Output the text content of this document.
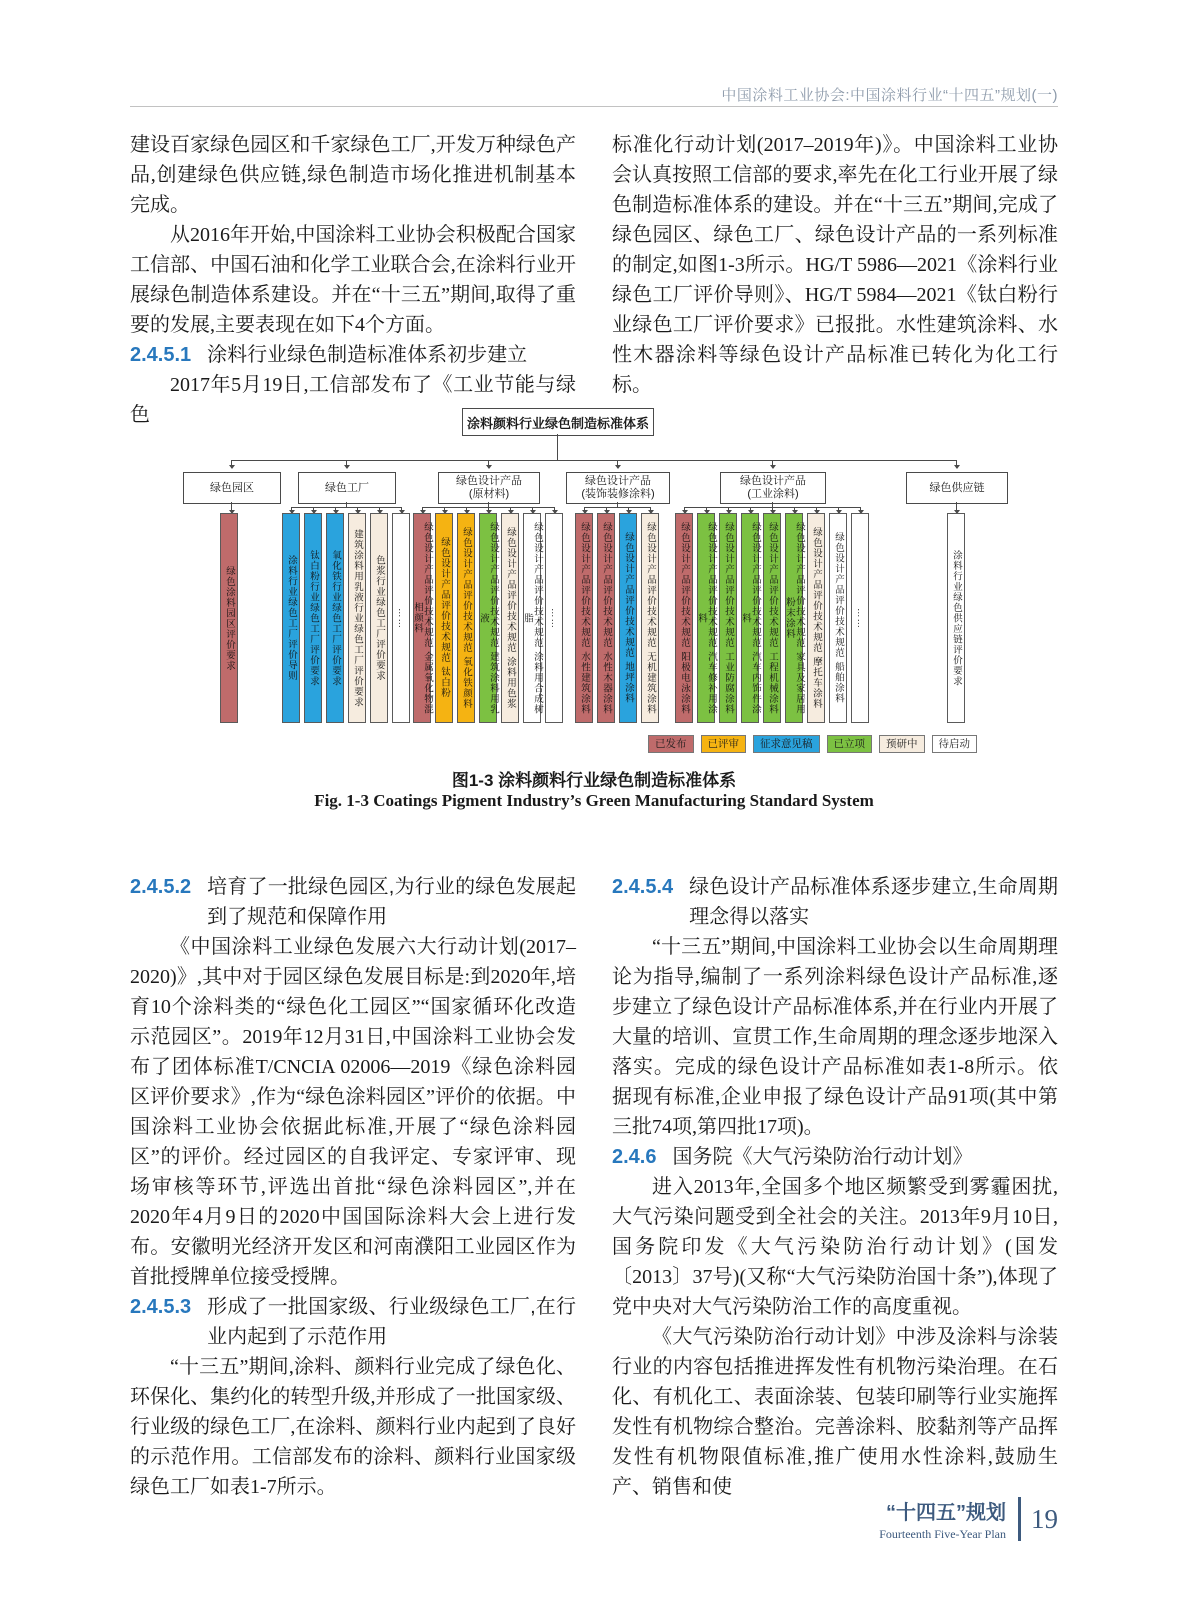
中国涂料工业协会:中国涂料行业“十四五”规划(一)
建设百家绿色园区和千家绿色工厂,开发万种绿色产品,创建绿色供应链,绿色制造市场化推进机制基本完成。
从2016年开始,中国涂料工业协会积极配合国家工信部、中国石油和化学工业联合会,在涂料行业开展绿色制造体系建设。并在“十三五”期间,取得了重要的发展,主要表现在如下4个方面。
2.4.5.1 涂料行业绿色制造标准体系初步建立
2017年5月19日,工信部发布了《工业节能与绿色
标准化行动计划(2017–2019年)》。中国涂料工业协会认真按照工信部的要求,率先在化工行业开展了绿色制造标准体系的建设。并在“十三五”期间,完成了绿色园区、绿色工厂、绿色设计产品的一系列标准的制定,如图1-3所示。HG/T 5986—2021《涂料行业绿色工厂评价导则》、HG/T 5984—2021《钛白粉行业绿色工厂评价要求》已报批。水性建筑涂料、水性木器涂料等绿色设计产品标准已转化为化工行标。
涂料颜料行业绿色制造标准体系
绿色园区
绿色涂料园区评价要求
绿色工厂
涂料行业绿色工厂评价导则 钛白粉行业绿色工厂评价要求 氧化铁行业绿色工厂评价要求 建筑涂料用乳液行业绿色工厂评价要求 色浆行业绿色工厂评价要求 ……
绿色设计产品
(原材料)
绿色设计产品评价技术规范 金属氧化物混相颜料	绿色设计产品评价技术规范 钛白粉 绿色设计产品评价技术规范 氧化铁颜料	绿色设计产品评价技术规范 建筑涂料用乳液	绿色设计产品评价技术规范 涂料用色浆	绿色设计产品评价技术规范 涂料用合成树脂	……
绿色设计产品
(装饰装修涂料)
绿色设计产品评价技术规范 水性建筑涂料 绿色设计产品评价技术规范 水性木器涂料 绿色设计产品评价技术规范 地坪涂料 绿色设计产品评价技术规范 无机建筑涂料
绿色设计产品
(工业涂料)
绿色设计产品评价技术规范 阳极电泳涂料	绿色设计产品评价技术规范 汽车修补用涂料	绿色设计产品评价技术规范 工业防腐涂料	绿色设计产品评价技术规范 汽车内饰件涂料	绿色设计产品评价技术规范 工程机械涂料	绿色设计产品评价技术规范 家具及家居用粉末涂料	绿色设计产品评价技术规范 摩托车涂料 绿色设计产品评价技术规范 船舶涂料 ……
绿色供应链
涂料行业绿色供应链评价要求
已发布	已评审	征求意见稿	已立项	预研中	待启动
图1-3 涂料颜料行业绿色制造标准体系
Fig. 1-3 Coatings Pigment Industry’s Green Manufacturing Standard System
2.4.5.2 培育了一批绿色园区,为行业的绿色发展起到了规范和保障作用
《中国涂料工业绿色发展六大行动计划(2017–2020)》,其中对于园区绿色发展目标是:到2020年,培育10个涂料类的“绿色化工园区”“国家循环化改造示范园区”。2019年12月31日,中国涂料工业协会发布了团体标准T/CNCIA 02006—2019《绿色涂料园区评价要求》,作为“绿色涂料园区”评价的依据。中国涂料工业协会依据此标准,开展了“绿色涂料园区”的评价。经过园区的自我评定、专家评审、现场审核等环节,评选出首批“绿色涂料园区”,并在2020年4月9日的2020中国国际涂料大会上进行发布。安徽明光经济开发区和河南濮阳工业园区作为首批授牌单位接受授牌。
2.4.5.3 形成了一批国家级、行业级绿色工厂,在行业内起到了示范作用
“十三五”期间,涂料、颜料行业完成了绿色化、环保化、集约化的转型升级,并形成了一批国家级、行业级的绿色工厂,在涂料、颜料行业内起到了良好的示范作用。工信部发布的涂料、颜料行业国家级绿色工厂如表1-7所示。
2.4.5.4 绿色设计产品标准体系逐步建立,生命周期理念得以落实
“十三五”期间,中国涂料工业协会以生命周期理论为指导,编制了一系列涂料绿色设计产品标准,逐步建立了绿色设计产品标准体系,并在行业内开展了大量的培训、宣贯工作,生命周期的理念逐步地深入落实。完成的绿色设计产品标准如表1-8所示。依据现有标准,企业申报了绿色设计产品91项(其中第三批74项,第四批17项)。
2.4.6 国务院《大气污染防治行动计划》
进入2013年,全国多个地区频繁受到雾霾困扰,大气污染问题受到全社会的关注。2013年9月10日,国务院印发《大气污染防治行动计划》(国发〔2013〕37号)(又称“大气污染防治国十条”),体现了党中央对大气污染防治工作的高度重视。
《大气污染防治行动计划》中涉及涂料与涂装行业的内容包括推进挥发性有机物污染治理。在石化、有机化工、表面涂装、包装印刷等行业实施挥发性有机物综合整治。完善涂料、胶黏剂等产品挥发性有机物限值标准,推广使用水性涂料,鼓励生产、销售和使
“十四五”规划
Fourteenth Five-Year Plan
19
